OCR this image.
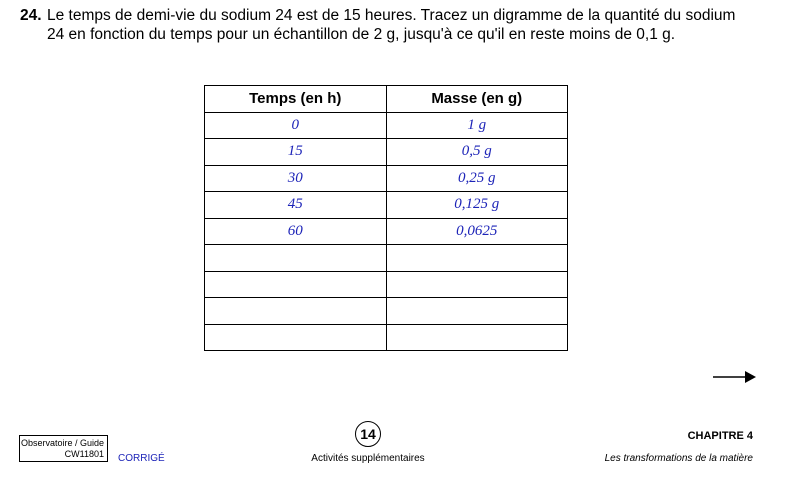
24. Le temps de demi-vie du sodium 24 est de 15 heures. Tracez un digramme de la quantité du sodium 24 en fonction du temps pour un échantillon de 2 g, jusqu'à ce qu'il en reste moins de 0,1 g.
Temps (en h)	Masse (en g)
0	1 g
15	0,5 g
30	0,25 g
45	0,125 g
60	0,0625

Observatoire / Guide
CW11801 CORRIGÉ
14
Activités supplémentaires
CHAPITRE 4
Les transformations de la matière
